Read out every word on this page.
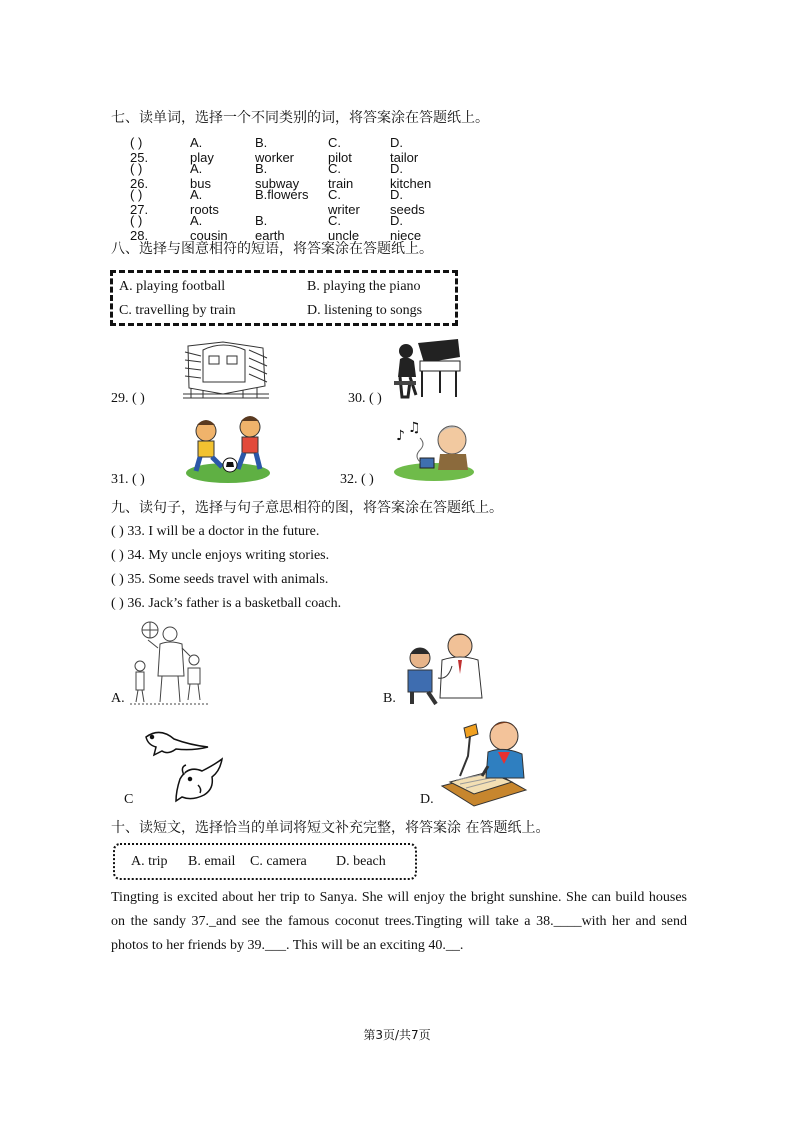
七、读单词，选择一个不同类别的词，将答案涂在答题纸上。
( ) 25.
A. play
B. worker
C. pilot
D. tailor
( ) 26.
A. bus
B. subway
C. train
D. kitchen
( ) 27.
A. roots
B.flowers C. writer
D. seeds
( ) 28.
A. cousin
B. earth
C. uncle
D. niece
八、选择与图意相符的短语，将答案涂在答题纸上。
A. playing football	B. playing the piano
C. travelling by train	D. listening to songs
29. ( )	30. ( )
31. ( )
♪ ♫
32. ( )
九、读句子，选择与句子意思相符的图，将答案涂在答题纸上。
( ) 33. I will be a doctor in the future.
( ) 34. My uncle enjoys writing stories.
( ) 35. Some seeds travel with animals.
( ) 36. Jack’s father is a basketball coach.
A.	B.
C	D.
十、读短文，选择恰当的单词将短文补充完整，将答案涂 在答题纸上。
A. trip B. email C. camera D. beach
Tingting is excited about her trip to Sanya. She will enjoy the bright sunshine. She can build houses
on the sandy 37._and see the famous coconut trees.Tingting will take a 38.____with her and send
photos to her friends by 39.___. This will be an exciting 40.__.
第3页/共7页
